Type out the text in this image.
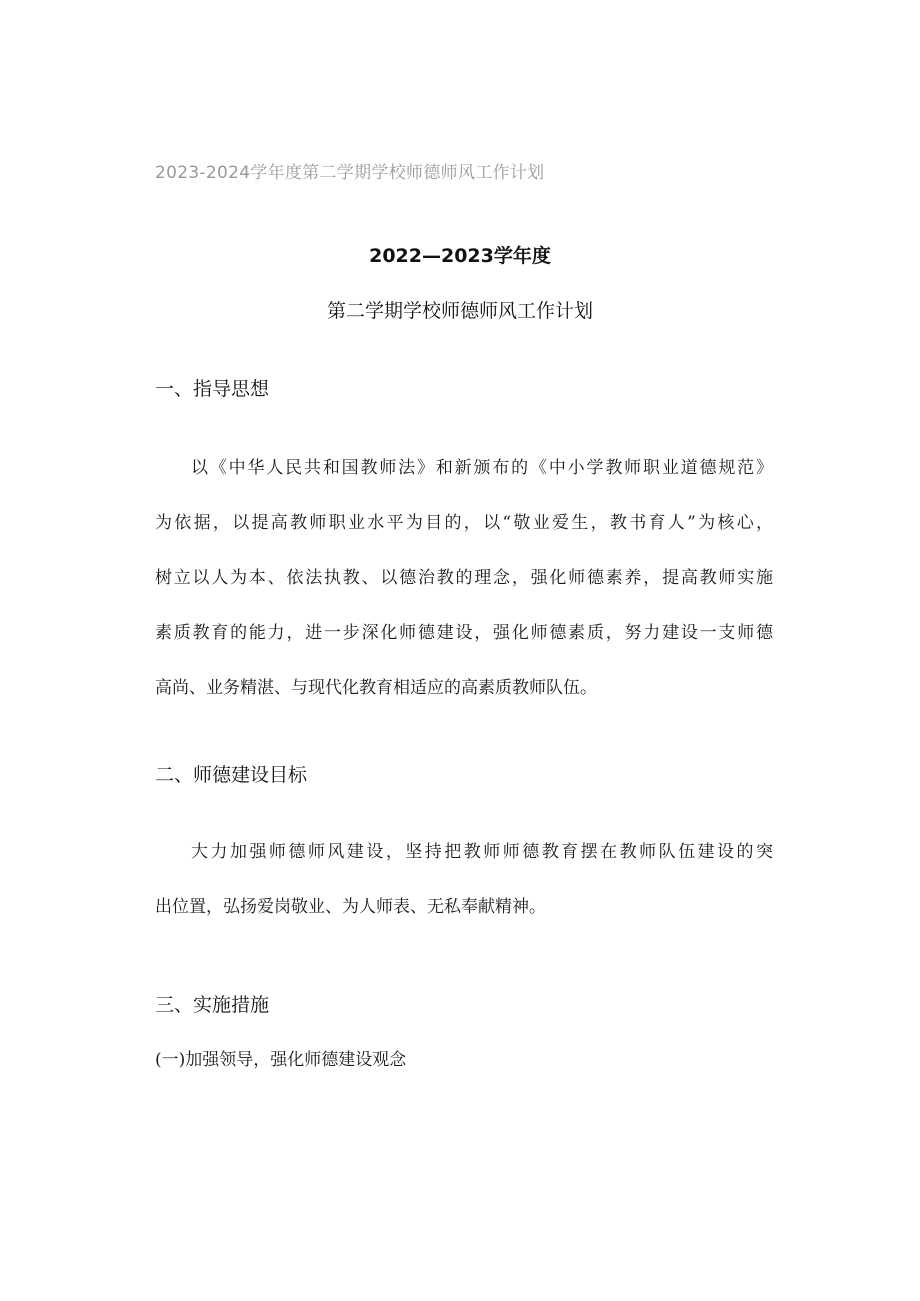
2023-2024学年度第二学期学校师德师风工作计划
2022—2023学年度
第二学期学校师德师风工作计划
一、指导思想
以《中华人民共和国教师法》和新颁布的《中小学教师职业道德规范》
为依据，以提高教师职业水平为目的，以“敬业爱生，教书育人”为核心，
树立以人为本、依法执教、以德治教的理念，强化师德素养，提高教师实施
素质教育的能力，进一步深化师德建设，强化师德素质，努力建设一支师德
高尚、业务精湛、与现代化教育相适应的高素质教师队伍。
二、师德建设目标
大力加强师德师风建设，坚持把教师师德教育摆在教师队伍建设的突
出位置，弘扬爱岗敬业、为人师表、无私奉献精神。
三、实施措施
(一)加强领导，强化师德建设观念
